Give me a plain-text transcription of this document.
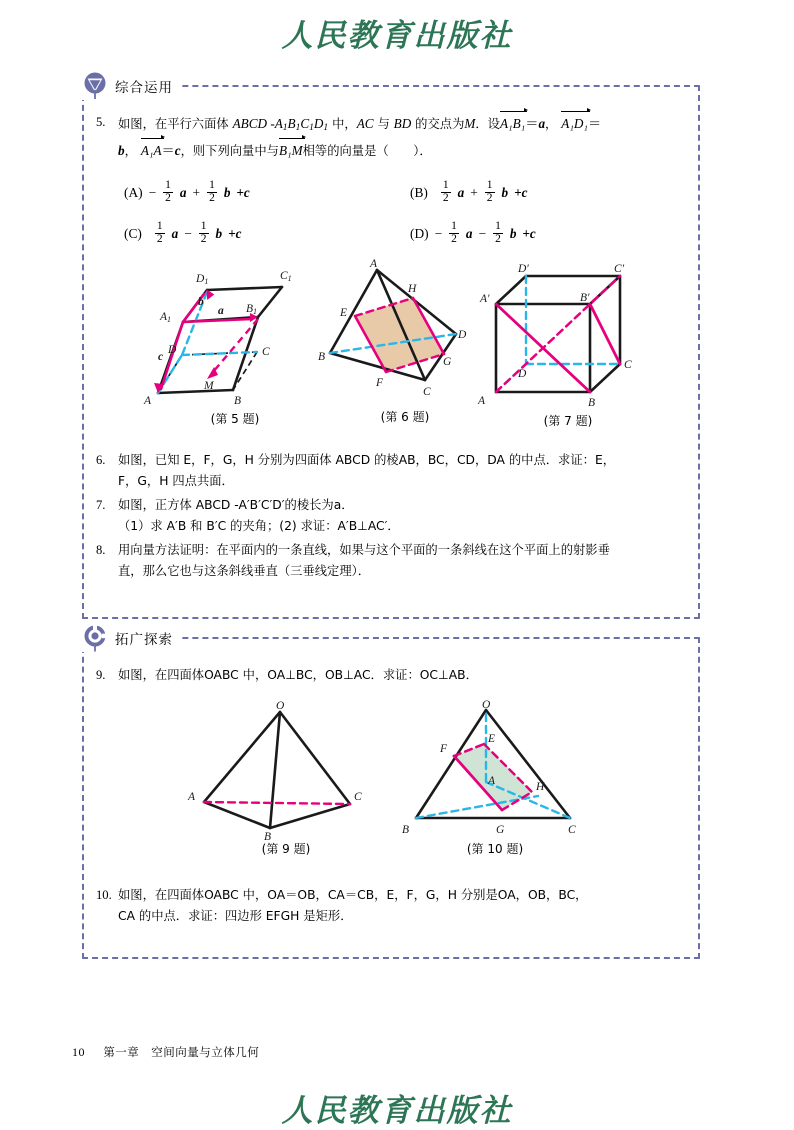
人民教育出版社
综合运用
5.	如图，在平行六面体 ABCD $-A_1B_1C_1D_1$ 中，AC 与 BD 的交点为M．设A₁B₁＝a， A₁D₁＝
b， A₁A＝c，则下列向量中与B₁M相等的向量是（　　）．
$(A) - \frac{1}{2}$ $a + \frac{1}{2}$ b +c	$(B) \frac{1}{2}$ $a + \frac{1}{2}$ b +c
$(C) \frac{1}{2}$ $a - \frac{1}{2}$ b +c	$(D) - \frac{1}{2}$ $a - \frac{1}{2}$ b +c
D1	C1
A1
B1
A	B
C
D
M
b
a
c
(第 5 题)
A
H
E
D
B
F
G
C
(第 6 题)
D′	C′
A′	B′
A	B
C
D
(第 7 题)
6.	如图，已知 E，F，G，H 分别为四面体 ABCD 的棱AB，BC，CD，DA 的中点．求证：E，
F，G，H 四点共面．
7.	如图，正方体 ABCD -A′B′C′D′的棱长为a．
（1）求 A′B 和 B′C 的夹角；(2) 求证：A′B⊥AC′．
8.	用向量方法证明：在平面内的一条直线，如果与这个平面的一条斜线在这个平面上的射影垂
直，那么它也与这条斜线垂直（三垂线定理）．
拓广探索
9.	如图，在四面体OABC 中，OA⊥BC，OB⊥AC．求证：OC⊥AB．
O
A
B
C
(第 9 题)
O
E
F
A	H
B	G	C
(第 10 题)
10. 如图，在四面体OABC 中，OA＝OB，CA＝CB，E，F，G，H 分别是OA，OB，BC，
CA 的中点．求证：四边形 EFGH 是矩形．
10 第一章　空间向量与立体几何
人民教育出版社
